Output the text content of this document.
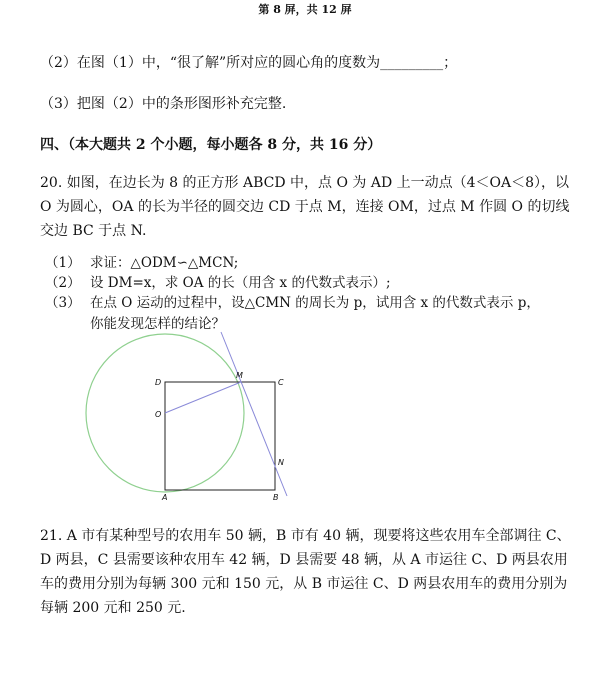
第 8 屏，共 12 屏
（2）在图（1）中，“很了解”所对应的圆心角的度数为_________；
（3）把图（2）中的条形图形补充完整.
四、（本大题共 2 个小题，每小题各 8 分，共 16 分）
20. 如图，在边长为 8 的正方形 ABCD 中，点 O 为 AD 上一动点（4＜OA＜8），以
O 为圆心，OA 的长为半径的圆交边 CD 于点 M，连接 OM，过点 M 作圆 O 的切线
交边 BC 于点 N.
（1） 求证：△ODM∽△MCN;
（2） 设 DM=x，求 OA 的长（用含 x 的代数式表示）;
（3） 在点 O 运动的过程中，设△CMN 的周长为 p，试用含 x 的代数式表示 p，
你能发现怎样的结论？
D
M
C
O
N
A	B
21. A 市有某种型号的农用车 50 辆，B 市有 40 辆，现要将这些农用车全部调往 C、
D 两县，C 县需要该种农用车 42 辆，D 县需要 48 辆，从 A 市运往 C、D 两县农用
车的费用分别为每辆 300 元和 150 元，从 B 市运往 C、D 两县农用车的费用分别为
每辆 200 元和 250 元.
